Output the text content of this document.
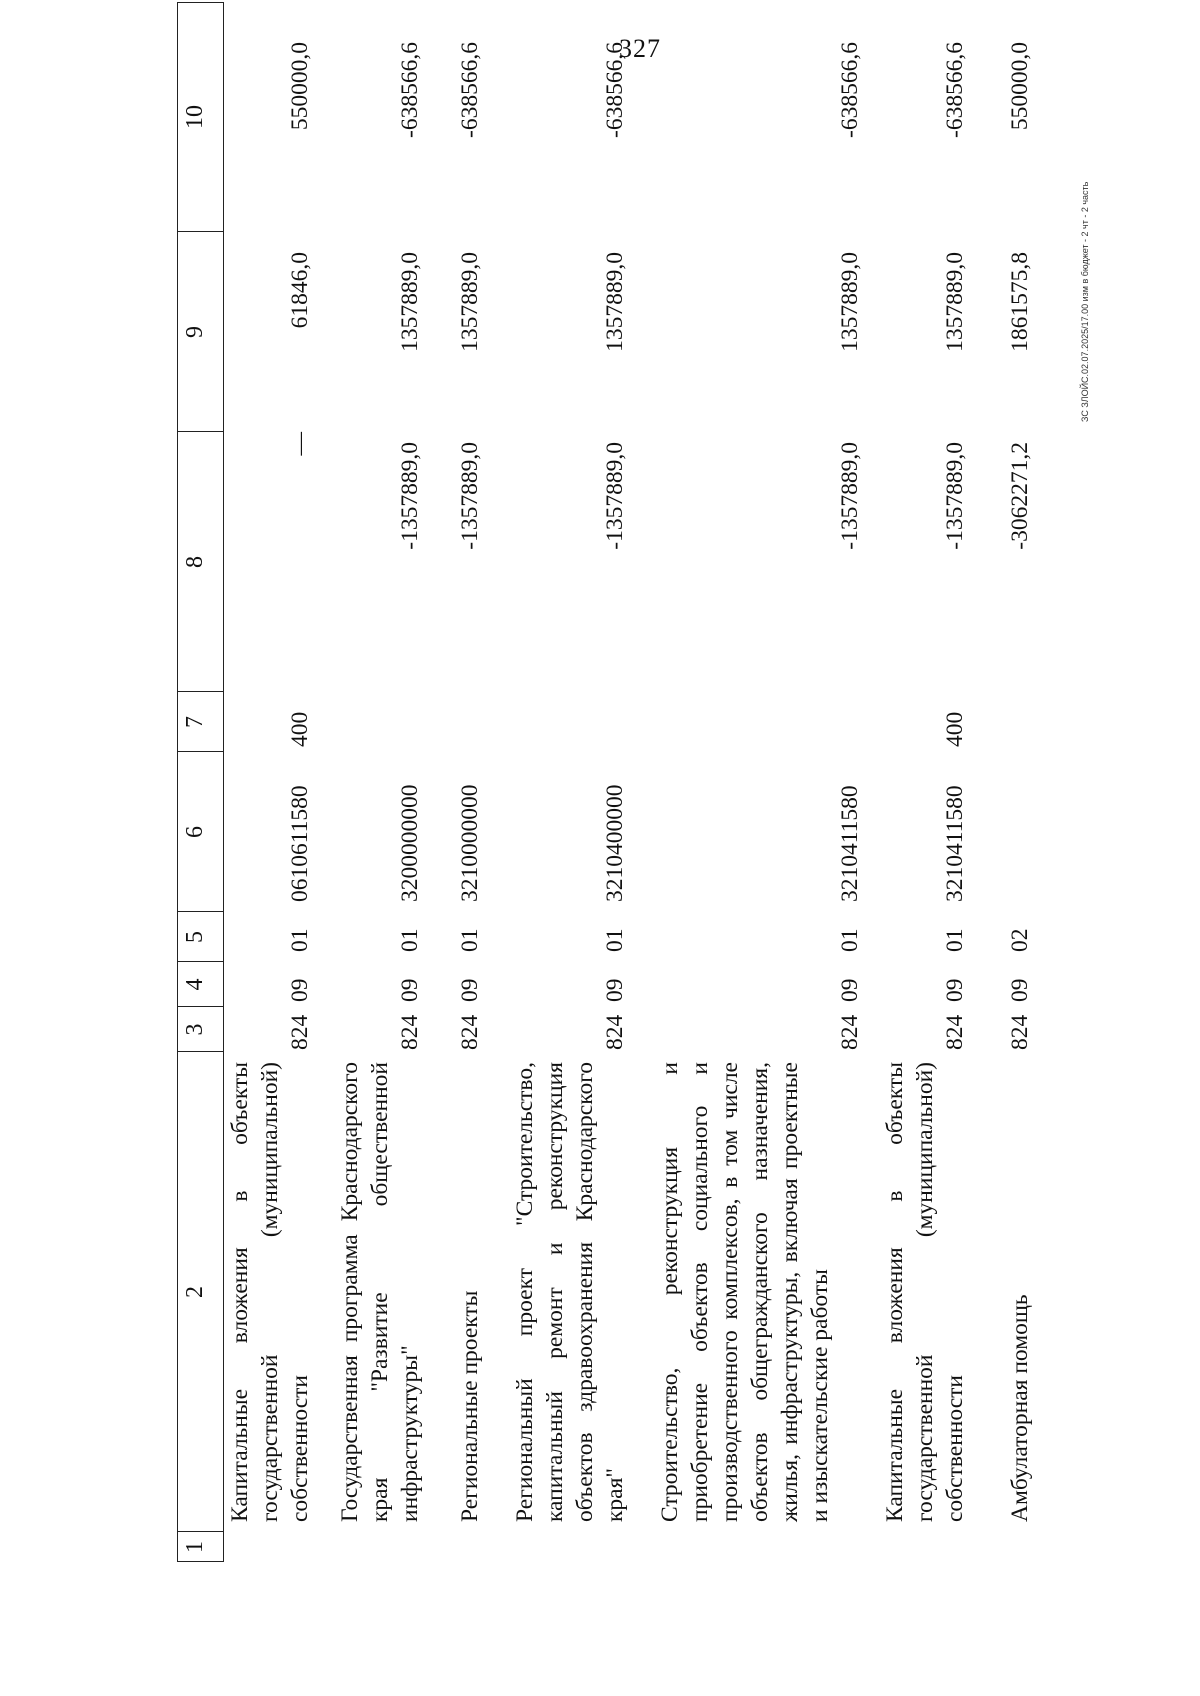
327
1
2
3
4
5
6
7
8
9
10
Капитальные вложения в объекты государственной (муниципальной) собственности
824
09
01
0610611580
400
—
61846,0
550000,0
Государственная программа Краснодарского края "Развитие общественной инфраструктуры"
824
09
01
3200000000
-1357889,0
1357889,0
-638566,6
Региональные проекты
824
09
01
3210000000
-1357889,0
1357889,0
-638566,6
Региональный проект "Строительство, капитальный ремонт и реконструкция объектов здравоохранения Краснодарского края"
824
09
01
3210400000
-1357889,0
1357889,0
-638566,6
Строительство, реконструкция и приобретение объектов социального и производственного комплексов, в том числе объектов общегражданского назначения, жилья, инфраструктуры, включая проектные и изыскательские работы
824
09
01
3210411580
-1357889,0
1357889,0
-638566,6
Капитальные вложения в объекты государственной (муниципальной) собственности
824
09
01
3210411580
400
-1357889,0
1357889,0
-638566,6
Амбулаторная помощь
824
09
02
-3062271,2
1861575,8
550000,0
ЗС ЗЛОЙС.02.07.2025/17.00 изм в бюджет - 2 чт - 2 часть
